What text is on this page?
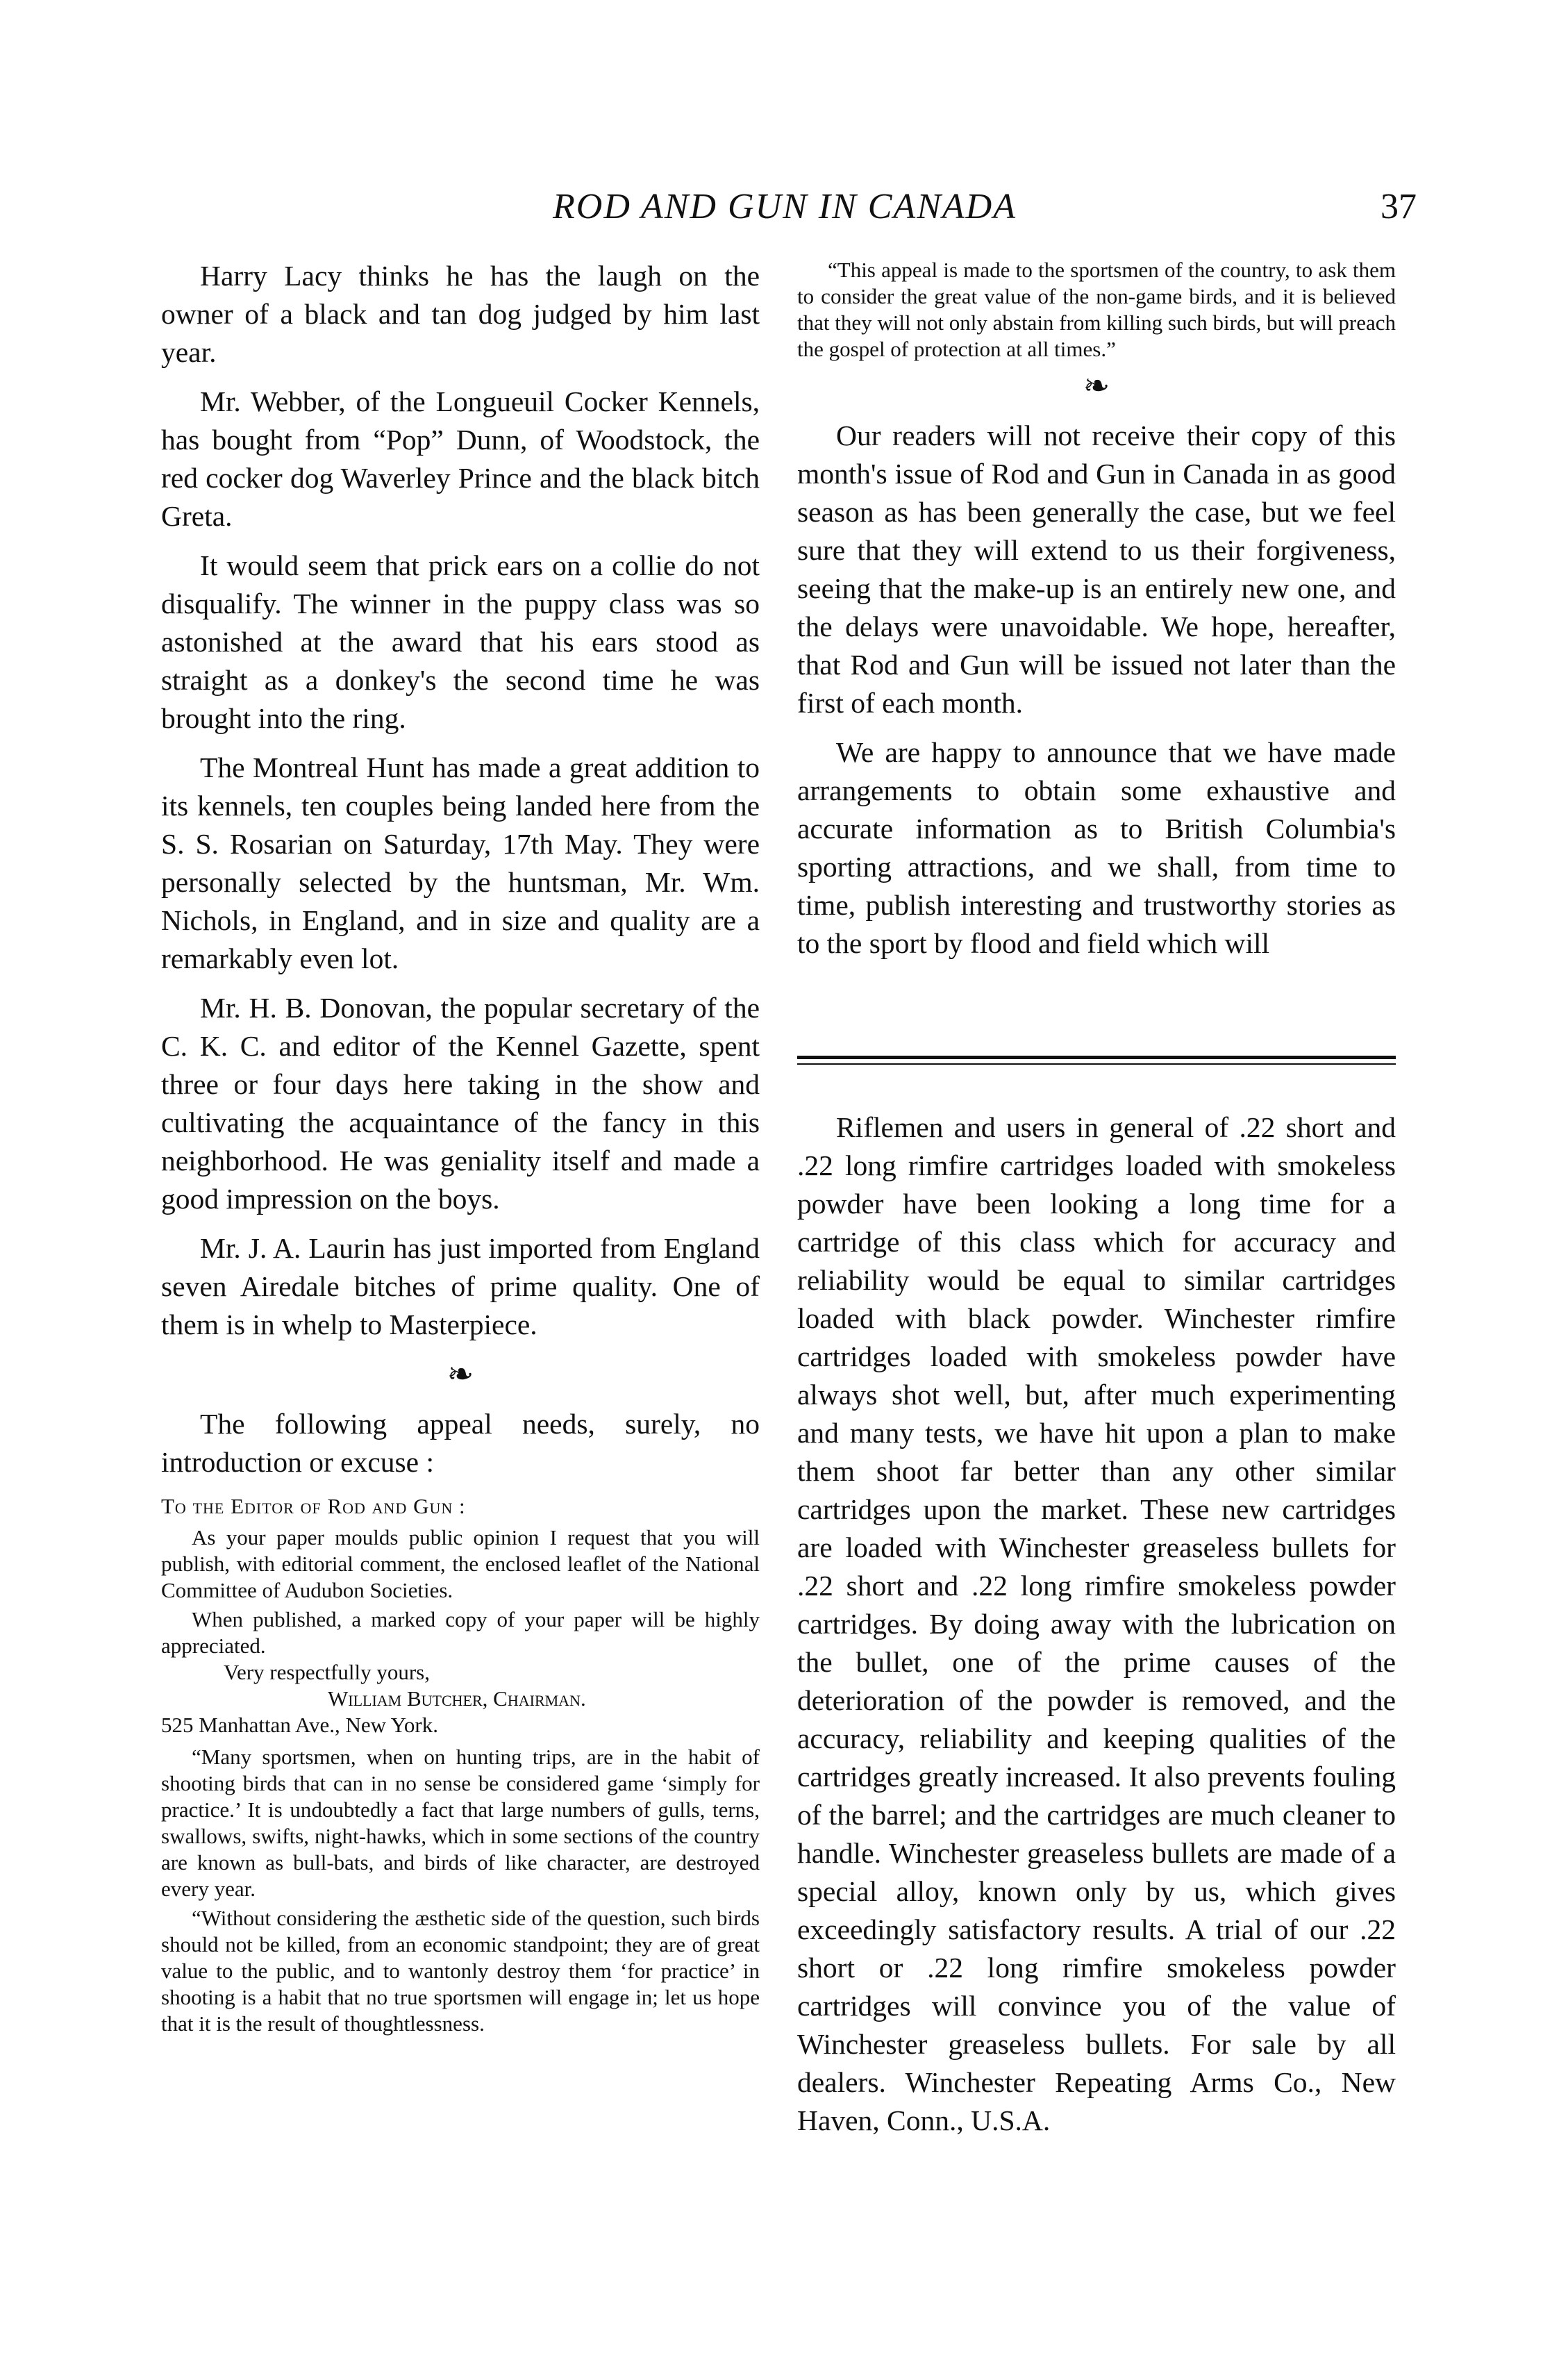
ROD AND GUN IN CANADA	37

Harry Lacy thinks he has the laugh on the owner of a black and tan dog judged by him last year.

Mr. Webber, of the Longueuil Cocker Kennels, has bought from “Pop” Dunn, of Woodstock, the red cocker dog Waverley Prince and the black bitch Greta.

It would seem that prick ears on a collie do not disqualify. The winner in the puppy class was so astonished at the award that his ears stood as straight as a donkey's the second time he was brought into the ring.

The Montreal Hunt has made a great addition to its kennels, ten couples being landed here from the S. S. Rosarian on Saturday, 17th May. They were personally selected by the huntsman, Mr. Wm. Nichols, in England, and in size and quality are a remarkably even lot.

Mr. H. B. Donovan, the popular secretary of the C. K. C. and editor of the Kennel Gazette, spent three or four days here taking in the show and cultivating the acquaintance of the fancy in this neighborhood. He was geniality itself and made a good impression on the boys.

Mr. J. A. Laurin has just imported from England seven Airedale bitches of prime quality. One of them is in whelp to Masterpiece.

❧

The following appeal needs, surely, no introduction or excuse :

To the Editor of Rod and Gun :

As your paper moulds public opinion I request that you will publish, with editorial comment, the enclosed leaflet of the National Committee of Audubon Societies.

When published, a marked copy of your paper will be highly appreciated.

Very respectfully yours,

William Butcher, Chairman.

525 Manhattan Ave., New York.

“Many sportsmen, when on hunting trips, are in the habit of shooting birds that can in no sense be considered game ‘simply for practice.’ It is undoubtedly a fact that large numbers of gulls, terns, swallows, swifts, night-hawks, which in some sections of the country are known as bull-bats, and birds of like character, are destroyed every year.

“Without considering the æsthetic side of the question, such birds should not be killed, from an economic standpoint; they are of great value to the public, and to wantonly destroy them ‘for practice’ in shooting is a habit that no true sportsmen will engage in; let us hope that it is the result of thoughtlessness.

“This appeal is made to the sportsmen of the country, to ask them to consider the great value of the non-game birds, and it is believed that they will not only abstain from killing such birds, but will preach the gospel of protection at all times.”

❧

Our readers will not receive their copy of this month's issue of Rod and Gun in Canada in as good season as has been generally the case, but we feel sure that they will extend to us their forgiveness, seeing that the make-up is an entirely new one, and the delays were unavoidable. We hope, hereafter, that Rod and Gun will be issued not later than the first of each month.

We are happy to announce that we have made arrangements to obtain some exhaustive and accurate information as to British Columbia's sporting attractions, and we shall, from time to time, publish interesting and trustworthy stories as to the sport by flood and field which will

Riflemen and users in general of .22 short and .22 long rimfire cartridges loaded with smokeless powder have been looking a long time for a cartridge of this class which for accuracy and reliability would be equal to similar cartridges loaded with black powder. Winchester rimfire cartridges loaded with smokeless powder have always shot well, but, after much experimenting and many tests, we have hit upon a plan to make them shoot far better than any other similar cartridges upon the market. These new cartridges are loaded with Winchester greaseless bullets for .22 short and .22 long rimfire smokeless powder cartridges. By doing away with the lubrication on the bullet, one of the prime causes of the deterioration of the powder is removed, and the accuracy, reliability and keeping qualities of the cartridges greatly increased. It also prevents fouling of the barrel; and the cartridges are much cleaner to handle. Winchester greaseless bullets are made of a special alloy, known only by us, which gives exceedingly satisfactory results. A trial of our .22 short or .22 long rimfire smokeless powder cartridges will convince you of the value of Winchester greaseless bullets. For sale by all dealers. Winchester Repeating Arms Co., New Haven, Conn., U.S.A.
